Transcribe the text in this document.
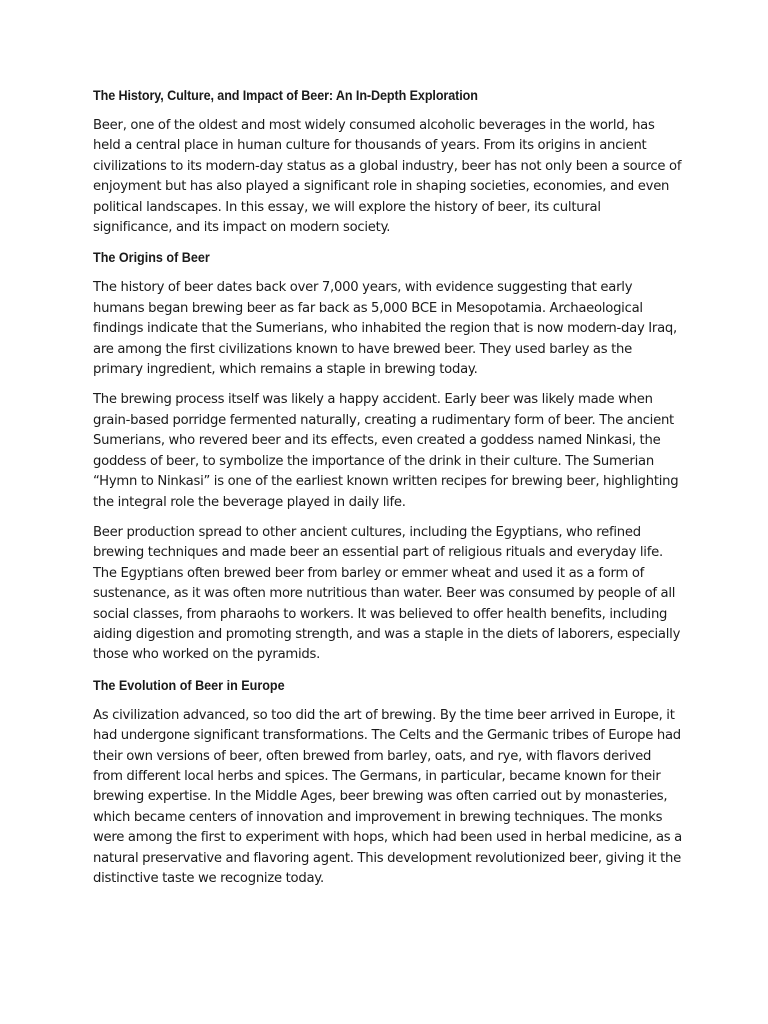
The History, Culture, and Impact of Beer: An In-Depth Exploration

Beer, one of the oldest and most widely consumed alcoholic beverages in the world, has held a central place in human culture for thousands of years. From its origins in ancient civilizations to its modern-day status as a global industry, beer has not only been a source of enjoyment but has also played a significant role in shaping societies, economies, and even political landscapes. In this essay, we will explore the history of beer, its cultural significance, and its impact on modern society.

The Origins of Beer

The history of beer dates back over 7,000 years, with evidence suggesting that early humans began brewing beer as far back as 5,000 BCE in Mesopotamia. Archaeological findings indicate that the Sumerians, who inhabited the region that is now modern-day Iraq, are among the first civilizations known to have brewed beer. They used barley as the primary ingredient, which remains a staple in brewing today.

The brewing process itself was likely a happy accident. Early beer was likely made when grain-based porridge fermented naturally, creating a rudimentary form of beer. The ancient Sumerians, who revered beer and its effects, even created a goddess named Ninkasi, the goddess of beer, to symbolize the importance of the drink in their culture. The Sumerian “Hymn to Ninkasi” is one of the earliest known written recipes for brewing beer, highlighting the integral role the beverage played in daily life.

Beer production spread to other ancient cultures, including the Egyptians, who refined brewing techniques and made beer an essential part of religious rituals and everyday life. The Egyptians often brewed beer from barley or emmer wheat and used it as a form of sustenance, as it was often more nutritious than water. Beer was consumed by people of all social classes, from pharaohs to workers. It was believed to offer health benefits, including aiding digestion and promoting strength, and was a staple in the diets of laborers, especially those who worked on the pyramids.

The Evolution of Beer in Europe

As civilization advanced, so too did the art of brewing. By the time beer arrived in Europe, it had undergone significant transformations. The Celts and the Germanic tribes of Europe had their own versions of beer, often brewed from barley, oats, and rye, with flavors derived from different local herbs and spices. The Germans, in particular, became known for their brewing expertise. In the Middle Ages, beer brewing was often carried out by monasteries, which became centers of innovation and improvement in brewing techniques. The monks were among the first to experiment with hops, which had been used in herbal medicine, as a natural preservative and flavoring agent. This development revolutionized beer, giving it the distinctive taste we recognize today.
